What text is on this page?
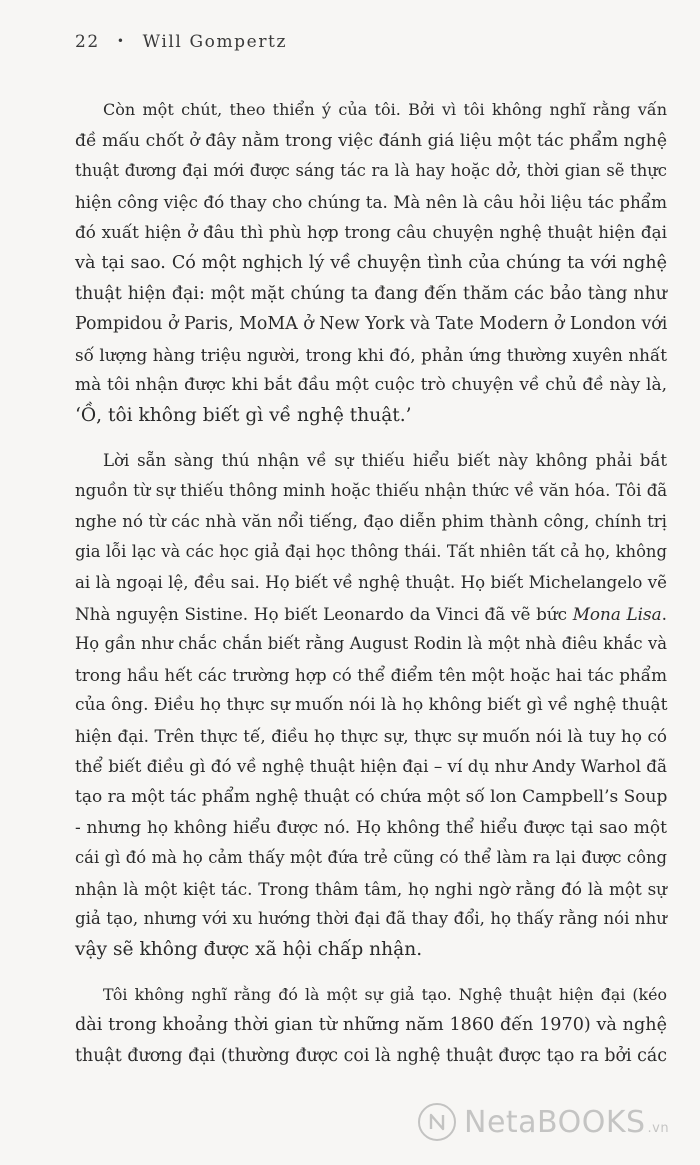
22 • Will Gompertz
Còn một chút, theo thiển ý của tôi. Bởi vì tôi không nghĩ rằng vấn
đề mấu chốt ở đây nằm trong việc đánh giá liệu một tác phẩm nghệ
thuật đương đại mới được sáng tác ra là hay hoặc dở, thời gian sẽ thực
hiện công việc đó thay cho chúng ta. Mà nên là câu hỏi liệu tác phẩm
đó xuất hiện ở đâu thì phù hợp trong câu chuyện nghệ thuật hiện đại
và tại sao. Có một nghịch lý về chuyện tình của chúng ta với nghệ
thuật hiện đại: một mặt chúng ta đang đến thăm các bảo tàng như
Pompidou ở Paris, MoMA ở New York và Tate Modern ở London với
số lượng hàng triệu người, trong khi đó, phản ứng thường xuyên nhất
mà tôi nhận được khi bắt đầu một cuộc trò chuyện về chủ đề này là,
‘Ồ, tôi không biết gì về nghệ thuật.’
Lời sẵn sàng thú nhận về sự thiếu hiểu biết này không phải bắt
nguồn từ sự thiếu thông minh hoặc thiếu nhận thức về văn hóa. Tôi đã
nghe nó từ các nhà văn nổi tiếng, đạo diễn phim thành công, chính trị
gia lỗi lạc và các học giả đại học thông thái. Tất nhiên tất cả họ, không
ai là ngoại lệ, đều sai. Họ biết về nghệ thuật. Họ biết Michelangelo vẽ
Nhà nguyện Sistine. Họ biết Leonardo da Vinci đã vẽ bức Mona Lisa.
Họ gần như chắc chắn biết rằng August Rodin là một nhà điêu khắc và
trong hầu hết các trường hợp có thể điểm tên một hoặc hai tác phẩm
của ông. Điều họ thực sự muốn nói là họ không biết gì về nghệ thuật
hiện đại. Trên thực tế, điều họ thực sự, thực sự muốn nói là tuy họ có
thể biết điều gì đó về nghệ thuật hiện đại – ví dụ như Andy Warhol đã
tạo ra một tác phẩm nghệ thuật có chứa một số lon Campbell’s Soup
- nhưng họ không hiểu được nó. Họ không thể hiểu được tại sao một
cái gì đó mà họ cảm thấy một đứa trẻ cũng có thể làm ra lại được công
nhận là một kiệt tác. Trong thâm tâm, họ nghi ngờ rằng đó là một sự
giả tạo, nhưng với xu hướng thời đại đã thay đổi, họ thấy rằng nói như
vậy sẽ không được xã hội chấp nhận.
Tôi không nghĩ rằng đó là một sự giả tạo. Nghệ thuật hiện đại (kéo
dài trong khoảng thời gian từ những năm 1860 đến 1970) và nghệ
thuật đương đại (thường được coi là nghệ thuật được tạo ra bởi các
NetaBOOKS .vn
